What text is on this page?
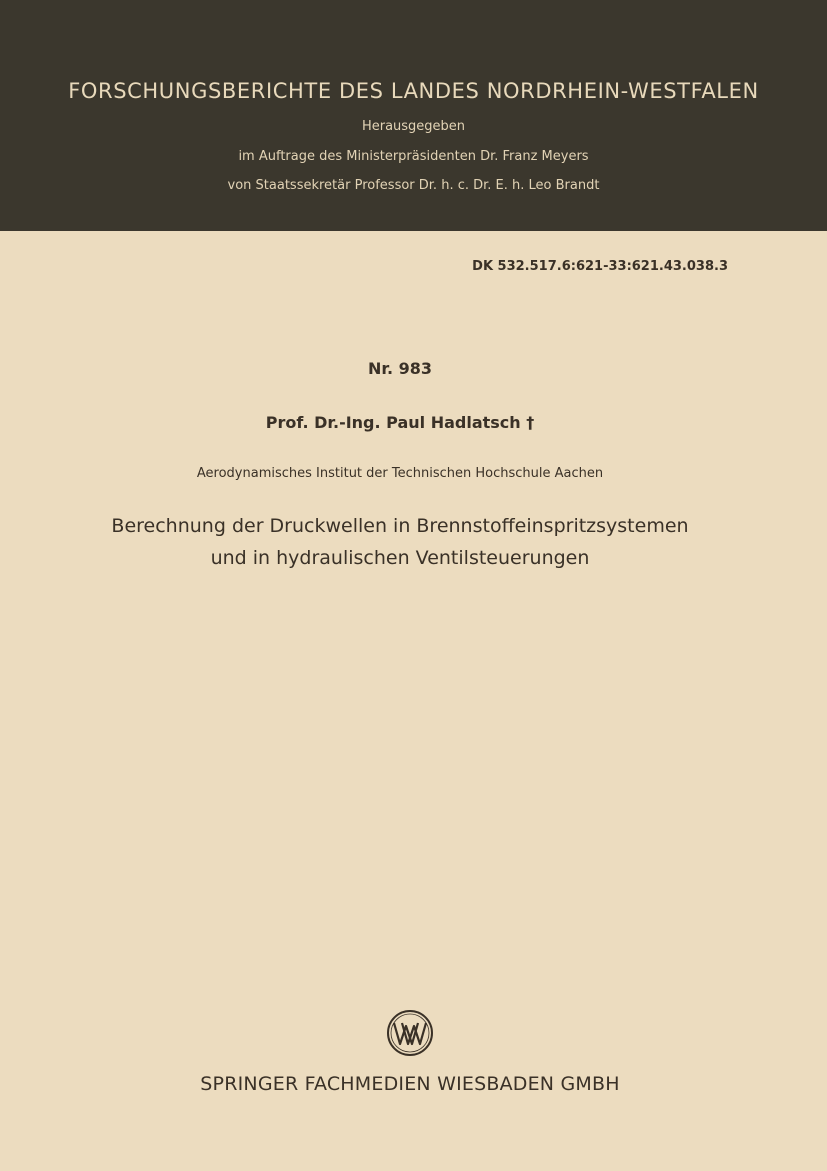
FORSCHUNGSBERICHTE DES LANDES NORDRHEIN-WESTFALEN
Herausgegeben
im Auftrage des Ministerpräsidenten Dr. Franz Meyers
von Staatssekretär Professor Dr. h. c. Dr. E. h. Leo Brandt
DK 532.517.6:621-33:621.43.038.3
Nr. 983
Prof. Dr.-Ing. Paul Hadlatsch †
Aerodynamisches Institut der Technischen Hochschule Aachen
Berechnung der Druckwellen in Brennstoffeinspritzsystemen
und in hydraulischen Ventilsteuerungen
SPRINGER FACHMEDIEN WIESBADEN GMBH
